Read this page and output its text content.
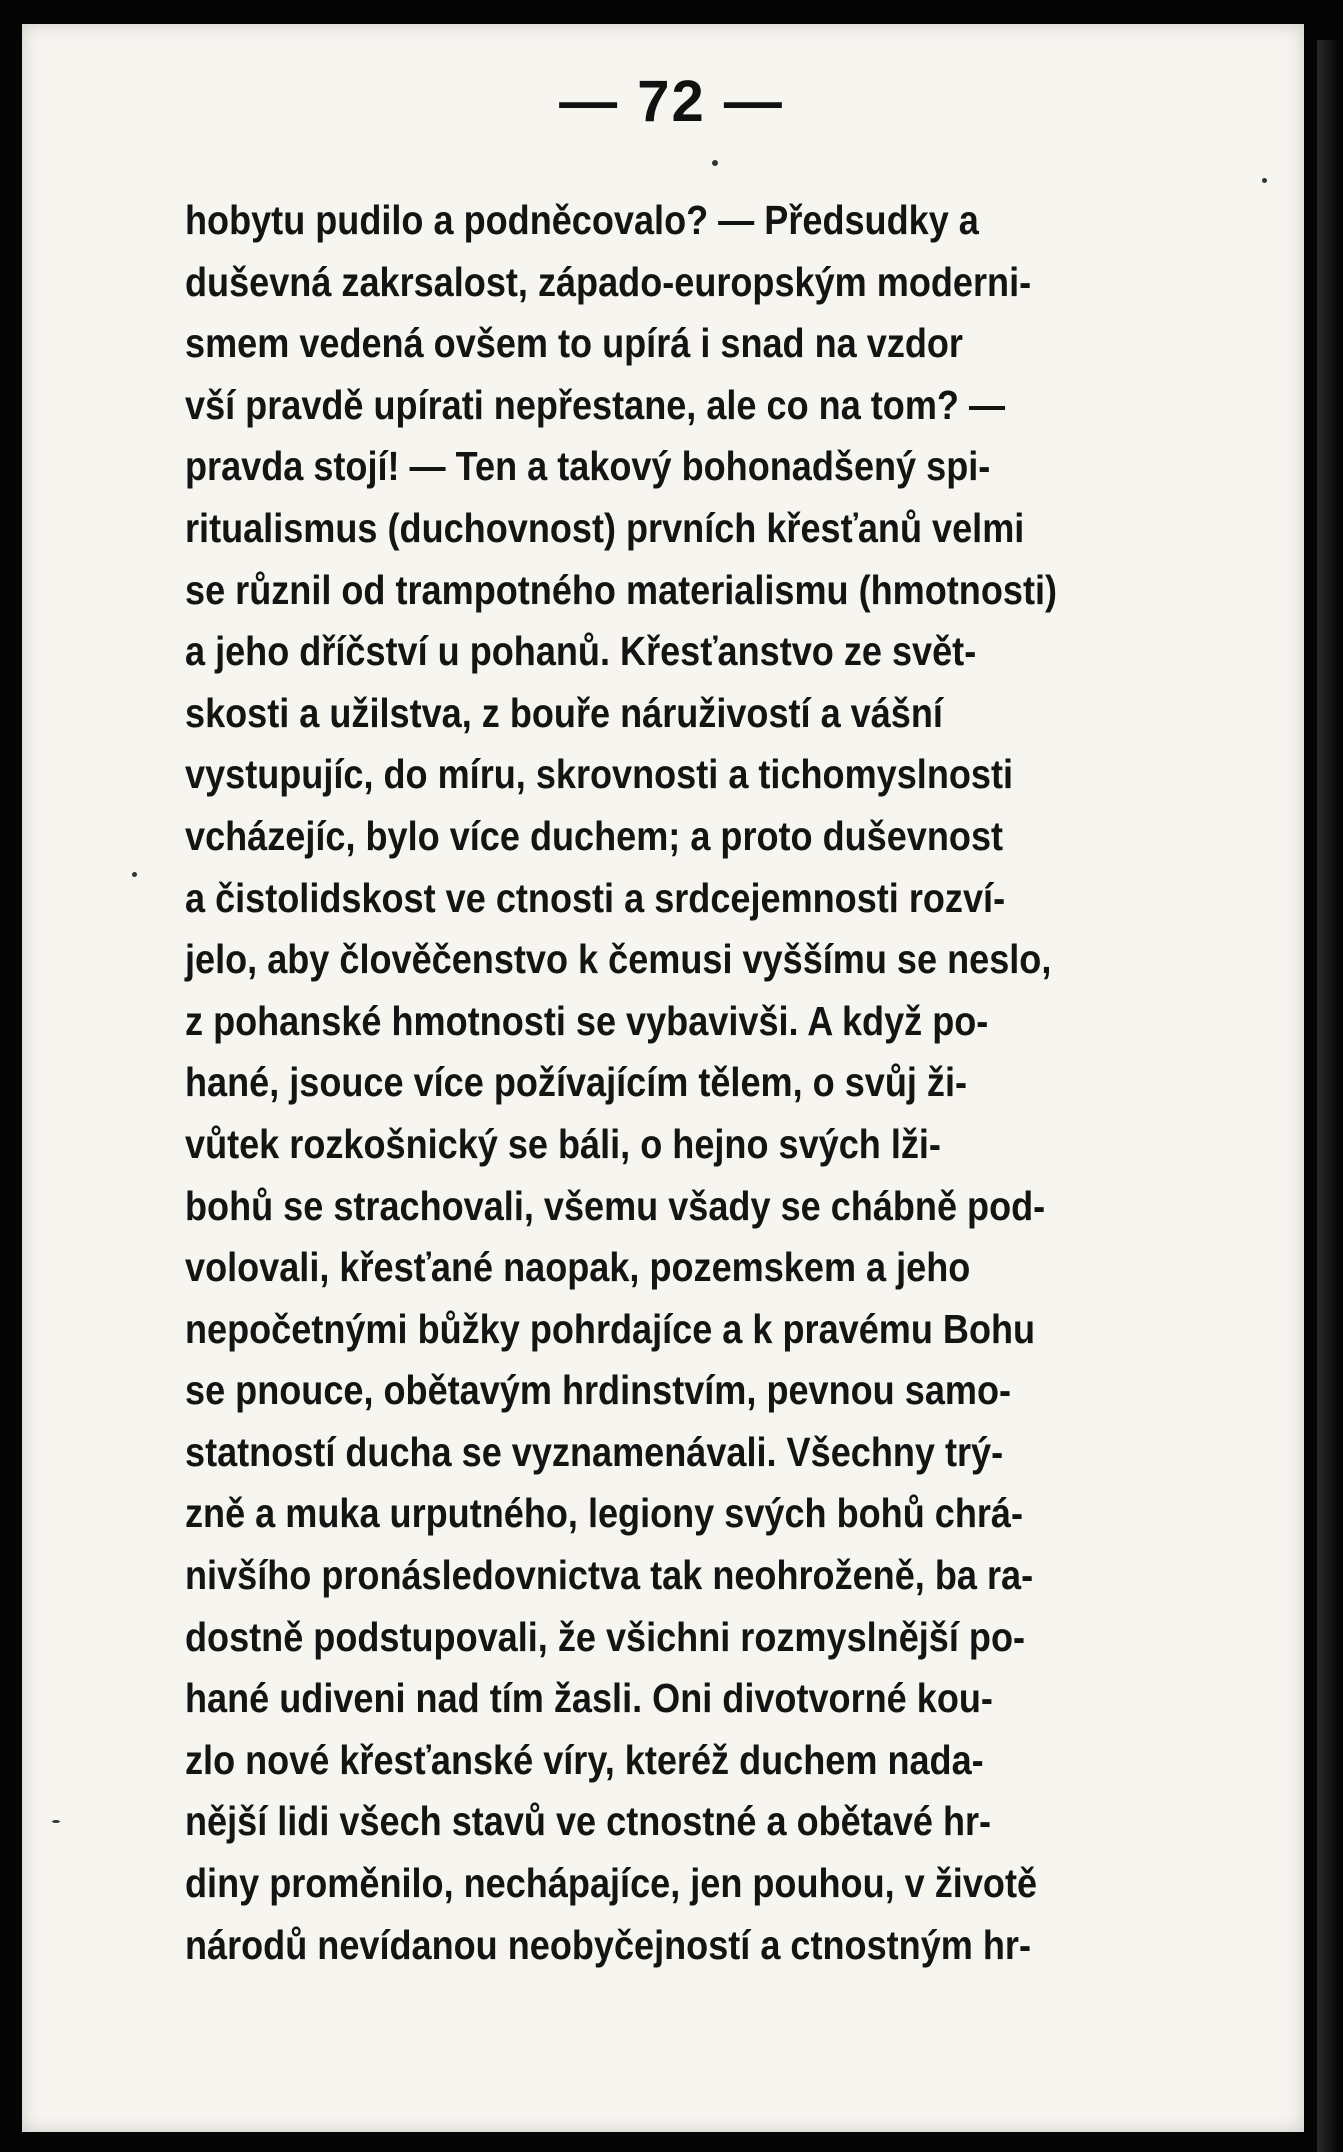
— 72 —
hobytu pudilo a podněcovalo? — Předsudky a
duševná zakrsalost, západo-europským moderni-
smem vedená ovšem to upírá i snad na vzdor
vší pravdě upírati nepřestane, ale co na tom? —
pravda stojí! — Ten a takový bohonadšený spi-
ritualismus (duchovnost) prvních křesťanů velmi
se různil od trampotného materialismu (hmotnosti)
a jeho dříčství u pohanů. Křesťanstvo ze svět-
skosti a užilstva, z bouře náruživostí a vášní
vystupujíc, do míru, skrovnosti a tichomyslnosti
vcházejíc, bylo více duchem; a proto duševnost
a čistolidskost ve ctnosti a srdcejemnosti rozví-
jelo, aby člověčenstvo k čemusi vyššímu se neslo,
z pohanské hmotnosti se vybavivši. A když po-
hané, jsouce více požívajícím tělem, o svůj ži-
vůtek rozkošnický se báli, o hejno svých lži-
bohů se strachovali, všemu všady se chábně pod-
volovali, křesťané naopak, pozemskem a jeho
nepočetnými bůžky pohrdajíce a k pravému Bohu
se pnouce, obětavým hrdinstvím, pevnou samo-
statností ducha se vyznamenávali. Všechny trý-
zně a muka urputného, legiony svých bohů chrá-
nivšího pronásledovnictva tak neohroženě, ba ra-
dostně podstupovali, že všichni rozmyslnější po-
hané udiveni nad tím žasli. Oni divotvorné kou-
zlo nové křesťanské víry, kteréž duchem nada-
nější lidi všech stavů ve ctnostné a obětavé hr-
diny proměnilo, nechápajíce, jen pouhou, v životě
národů nevídanou neobyčejností a ctnostným hr-
